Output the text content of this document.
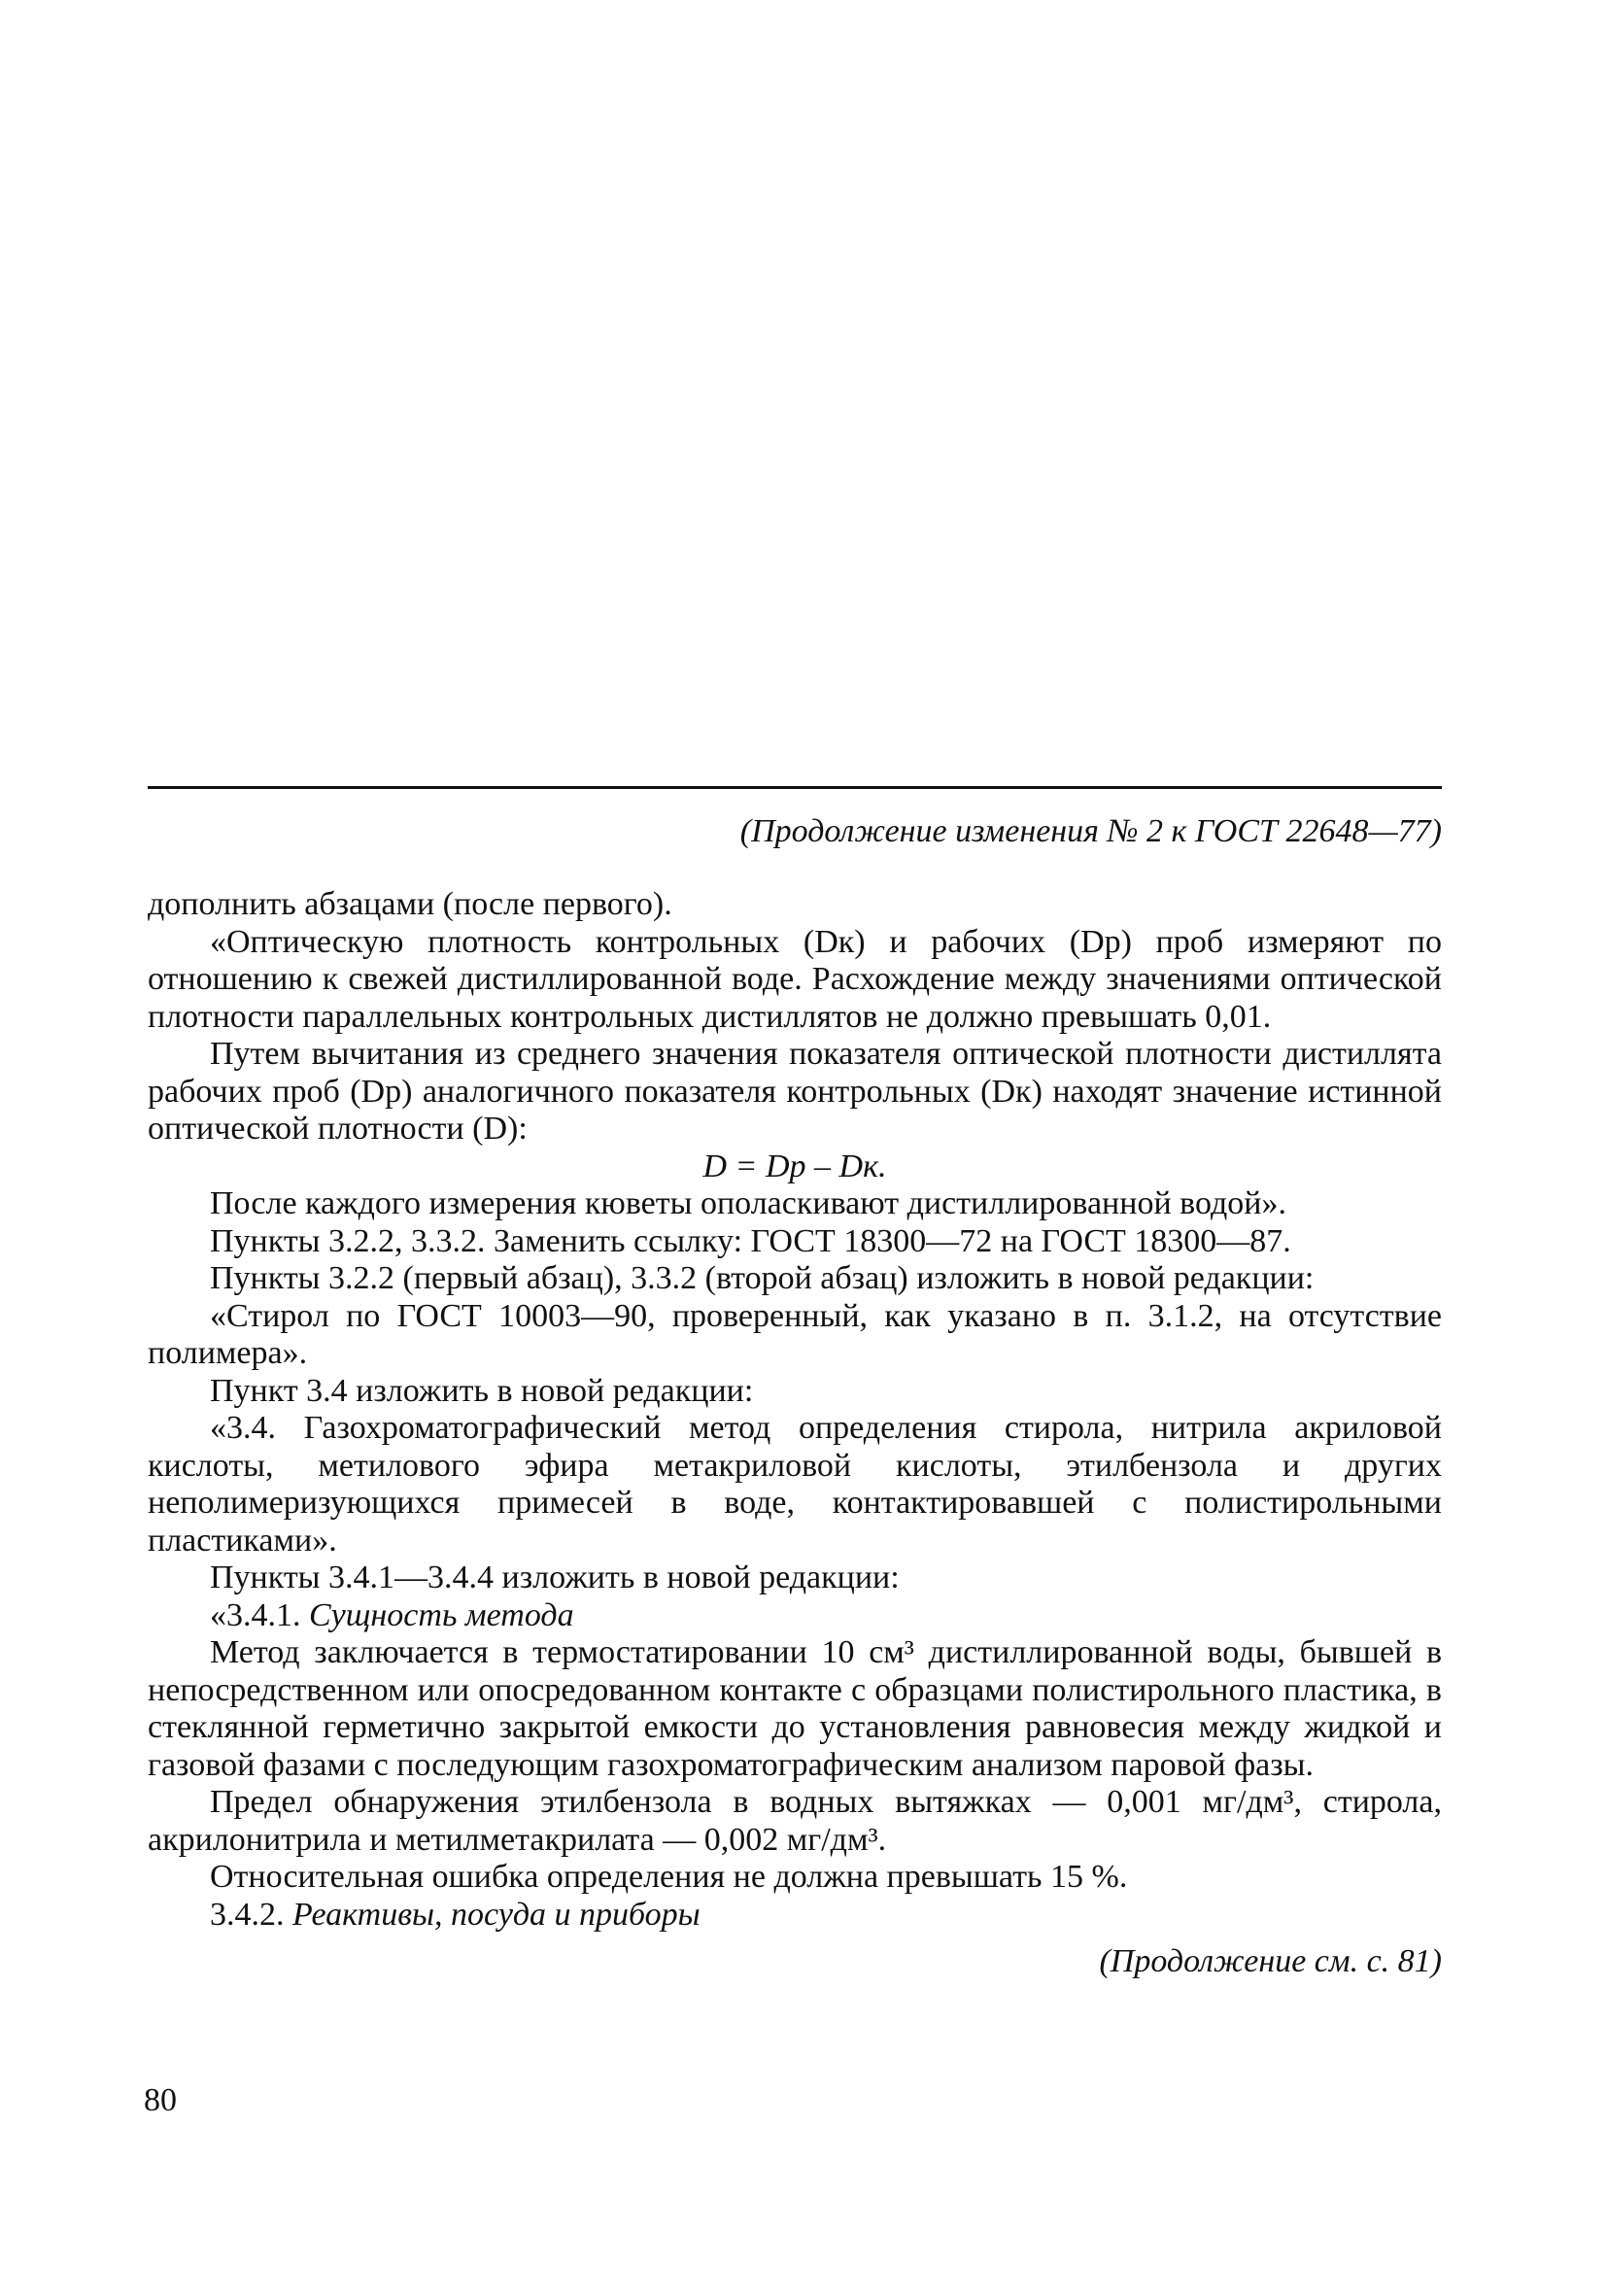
(Продолжение изменения № 2 к ГОСТ 22648—77)

дополнить абзацами (после первого).

«Оптическую плотность контрольных (Dк) и рабочих (Dр) проб измеряют по отношению к свежей дистиллированной воде. Расхождение между значениями оптической плотности параллельных контрольных дистиллятов не должно превышать 0,01.

Путем вычитания из среднего значения показателя оптической плотности дистиллята рабочих проб (Dр) аналогичного показателя контрольных (Dк) находят значение истинной оптической плотности (D):

D = Dр – Dк.

После каждого измерения кюветы ополаскивают дистиллированной водой».

Пункты 3.2.2, 3.3.2. Заменить ссылку: ГОСТ 18300—72 на ГОСТ 18300—87.

Пункты 3.2.2 (первый абзац), 3.3.2 (второй абзац) изложить в новой редакции:

«Стирол по ГОСТ 10003—90, проверенный, как указано в п. 3.1.2, на отсутствие полимера».

Пункт 3.4 изложить в новой редакции:

«3.4. Газохроматографический метод определения стирола, нитрила акриловой кислоты, метилового эфира метакриловой кислоты, этилбензола и других неполимеризующихся примесей в воде, контактировавшей с полистирольными пластиками».

Пункты 3.4.1—3.4.4 изложить в новой редакции:

«3.4.1. Сущность метода

Метод заключается в термостатировании 10 см³ дистиллированной воды, бывшей в непосредственном или опосредованном контакте с образцами полистирольного пластика, в стеклянной герметично закрытой емкости до установления равновесия между жидкой и газовой фазами с последующим газохроматографическим анализом паровой фазы.

Предел обнаружения этилбензола в водных вытяжках — 0,001 мг/дм³, стирола, акрилонитрила и метилметакрилата — 0,002 мг/дм³.

Относительная ошибка определения не должна превышать 15 %.

3.4.2. Реактивы, посуда и приборы

(Продолжение см. с. 81)

80
